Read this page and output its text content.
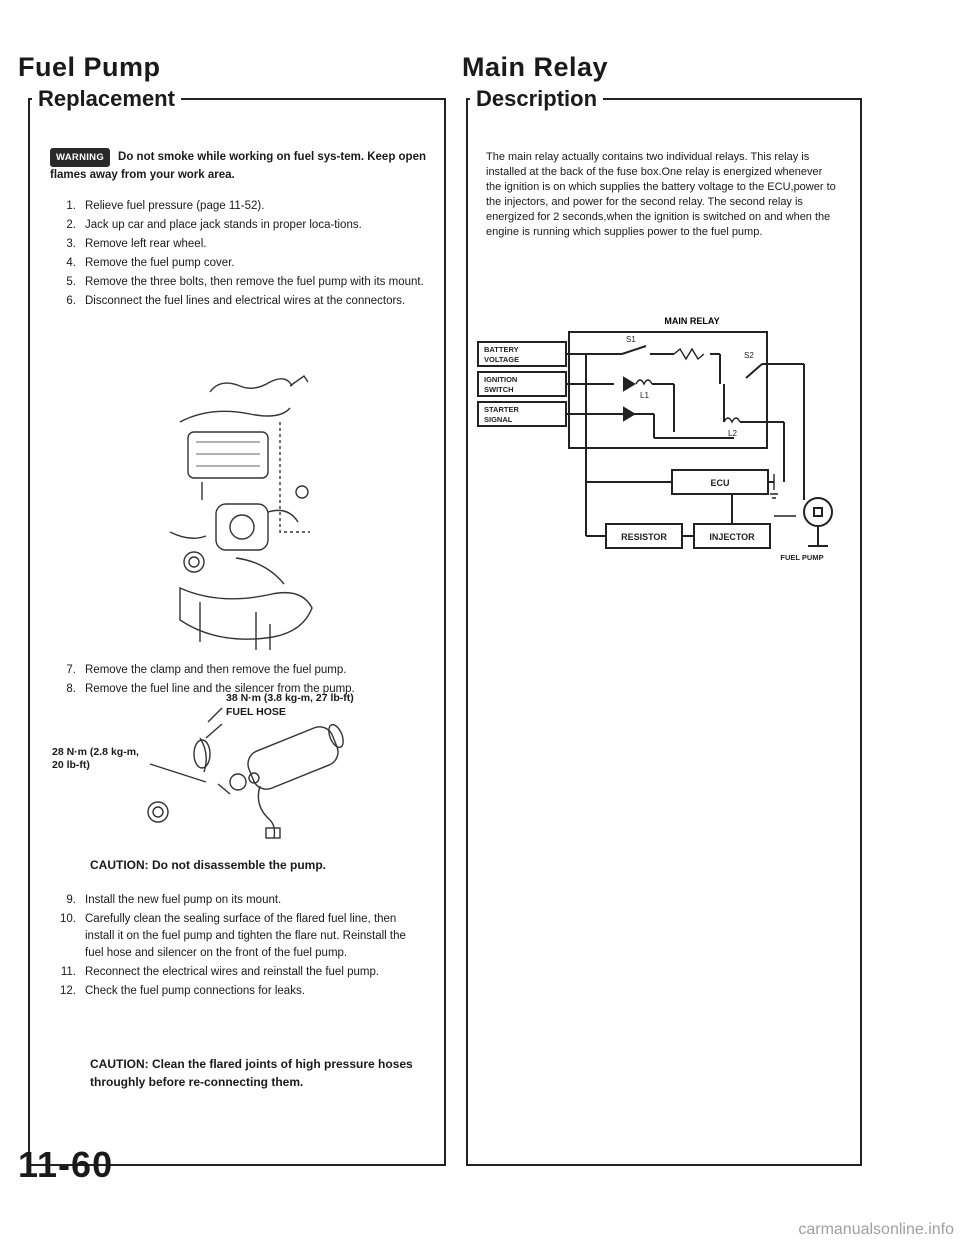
Fuel Pump
Replacement
WARNING Do not smoke while working on fuel sys-tem. Keep open flames away from your work area.
1. Relieve fuel pressure (page 11-52).
2. Jack up car and place jack stands in proper loca-tions.
3. Remove left rear wheel.
4. Remove the fuel pump cover.
5. Remove the three bolts, then remove the fuel pump with its mount.
6. Disconnect the fuel lines and electrical wires at the connectors.
7. Remove the clamp and then remove the fuel pump.
8. Remove the fuel line and the silencer from the pump.
38 N·m (3.8 kg-m, 27 lb-ft)
FUEL HOSE
28 N·m (2.8 kg-m,
20 lb-ft)
CAUTION: Do not disassemble the pump.
9. Install the new fuel pump on its mount.
10. Carefully clean the sealing surface of the flared fuel line, then install it on the fuel pump and tighten the flare nut. Reinstall the fuel hose and silencer on the front of the fuel pump.
11. Reconnect the electrical wires and reinstall the fuel pump.
12. Check the fuel pump connections for leaks.
CAUTION: Clean the flared joints of high pressure hoses throughly before re-connecting them.
Main Relay
Description
The main relay actually contains two individual relays. This relay is installed at the back of the fuse box.One relay is energized whenever the ignition is on which supplies the battery voltage to the ECU,power to the injectors, and power for the second relay. The second relay is energized for 2 seconds,when the ignition is switched on and when the engine is running which supplies power to the fuel pump.
MAIN RELAY
BATTERY
VOLTAGE
IGNITION
SWITCH
STARTER
SIGNAL
S1
S2
L1
L2
ECU
RESISTOR	INJECTOR
FUEL PUMP
11-60
carmanualsonline.info
